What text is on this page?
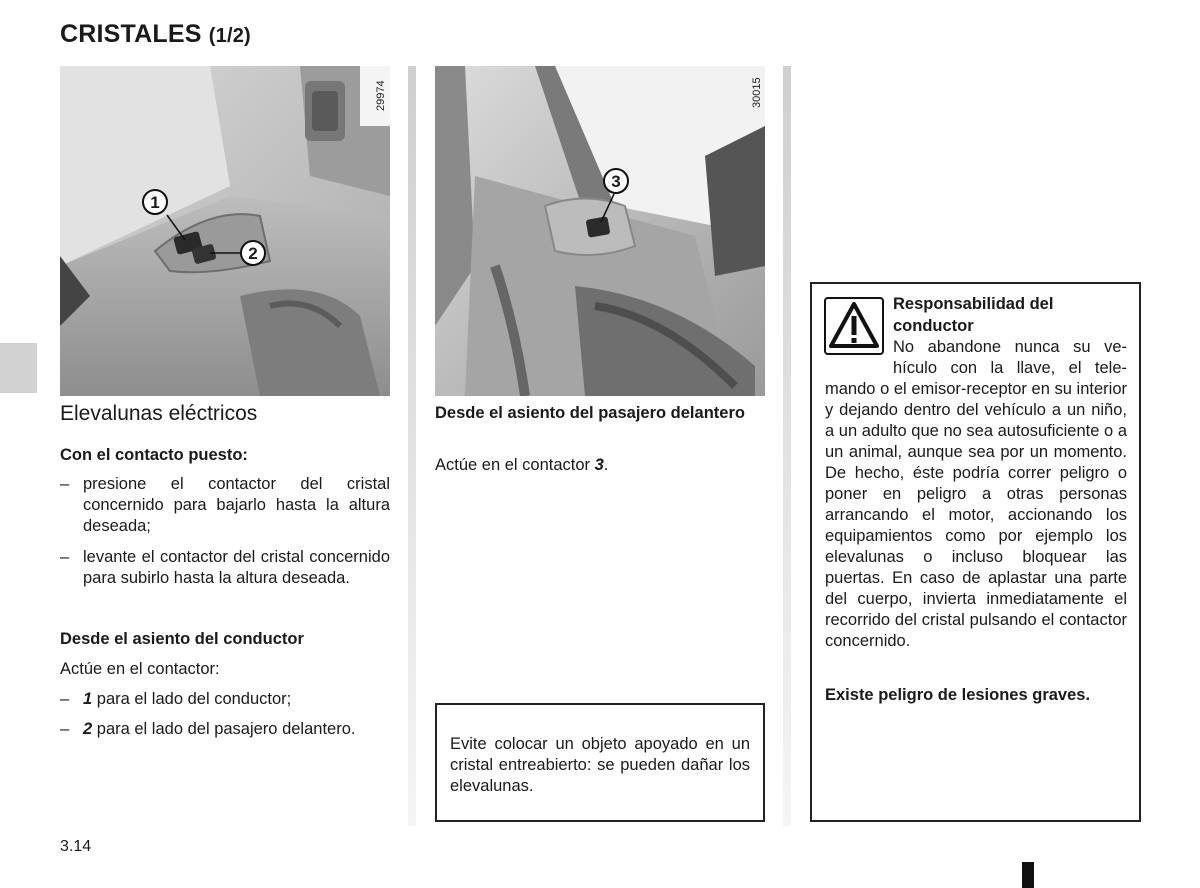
CRISTALES (1/2)
29974
1
2
30015
3
Elevalunas eléctricos
Con el contacto puesto:
– presione el contactor del cristal concernido para bajarlo hasta la altura deseada;
– levante el contactor del cristal concernido para subirlo hasta la altura deseada.
Desde el asiento del conductor
Actúe en el contactor:
– 1 para el lado del conductor;
– 2 para el lado del pasajero delantero.
Desde el asiento del pasajero delantero
Actúe en el contactor 3.
Evite colocar un objeto apoyado en un cristal entreabierto: se pueden dañar los elevalunas.
Responsabilidad del
conductor
No abandone nunca su ve-
hículo con la llave, el tele-
mando o el emisor-receptor en su interior y dejando dentro del vehículo a un niño, a un adulto que no sea autosuficiente o a un animal, aunque sea por un momento. De hecho, éste podría correr peligro o poner en peligro a otras personas arrancando el motor, accionando los equipamientos como por ejemplo los elevalunas o incluso bloquear las puertas. En caso de aplastar una parte del cuerpo, invierta inmediatamente el recorrido del cristal pulsando el contactor concernido.
Existe peligro de lesiones graves.
3.14
